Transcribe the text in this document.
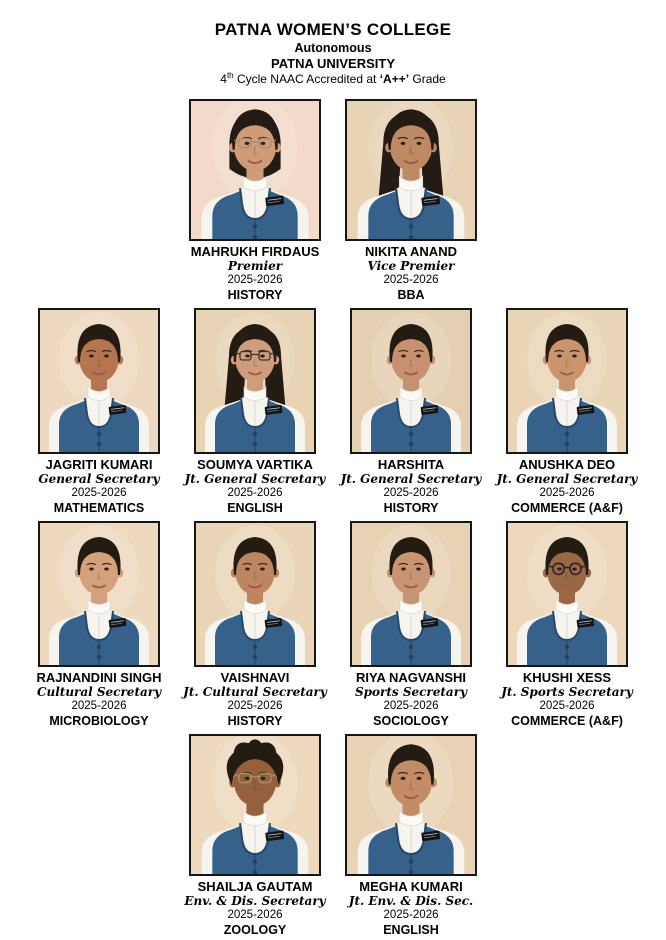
PATNA WOMEN’S COLLEGE
Autonomous
PATNA UNIVERSITY
4th Cycle NAAC Accredited at ‘A++’ Grade
MAHRUKH FIRDAUS
Premier
2025-2026
HISTORY
NIKITA ANAND
Vice Premier
2025-2026
BBA
JAGRITI KUMARI
General Secretary
2025-2026
MATHEMATICS
SOUMYA VARTIKA
Jt. General Secretary
2025-2026
ENGLISH
HARSHITA
Jt. General Secretary
2025-2026
HISTORY
ANUSHKA DEO
Jt. General Secretary
2025-2026
COMMERCE (A&F)
RAJNANDINI SINGH
Cultural Secretary
2025-2026
MICROBIOLOGY
VAISHNAVI
Jt. Cultural Secretary
2025-2026
HISTORY
RIYA NAGVANSHI
Sports Secretary
2025-2026
SOCIOLOGY
KHUSHI XESS
Jt. Sports Secretary
2025-2026
COMMERCE (A&F)
SHAILJA GAUTAM
Env. & Dis. Secretary
2025-2026
ZOOLOGY
MEGHA KUMARI
Jt. Env. & Dis. Sec.
2025-2026
ENGLISH
